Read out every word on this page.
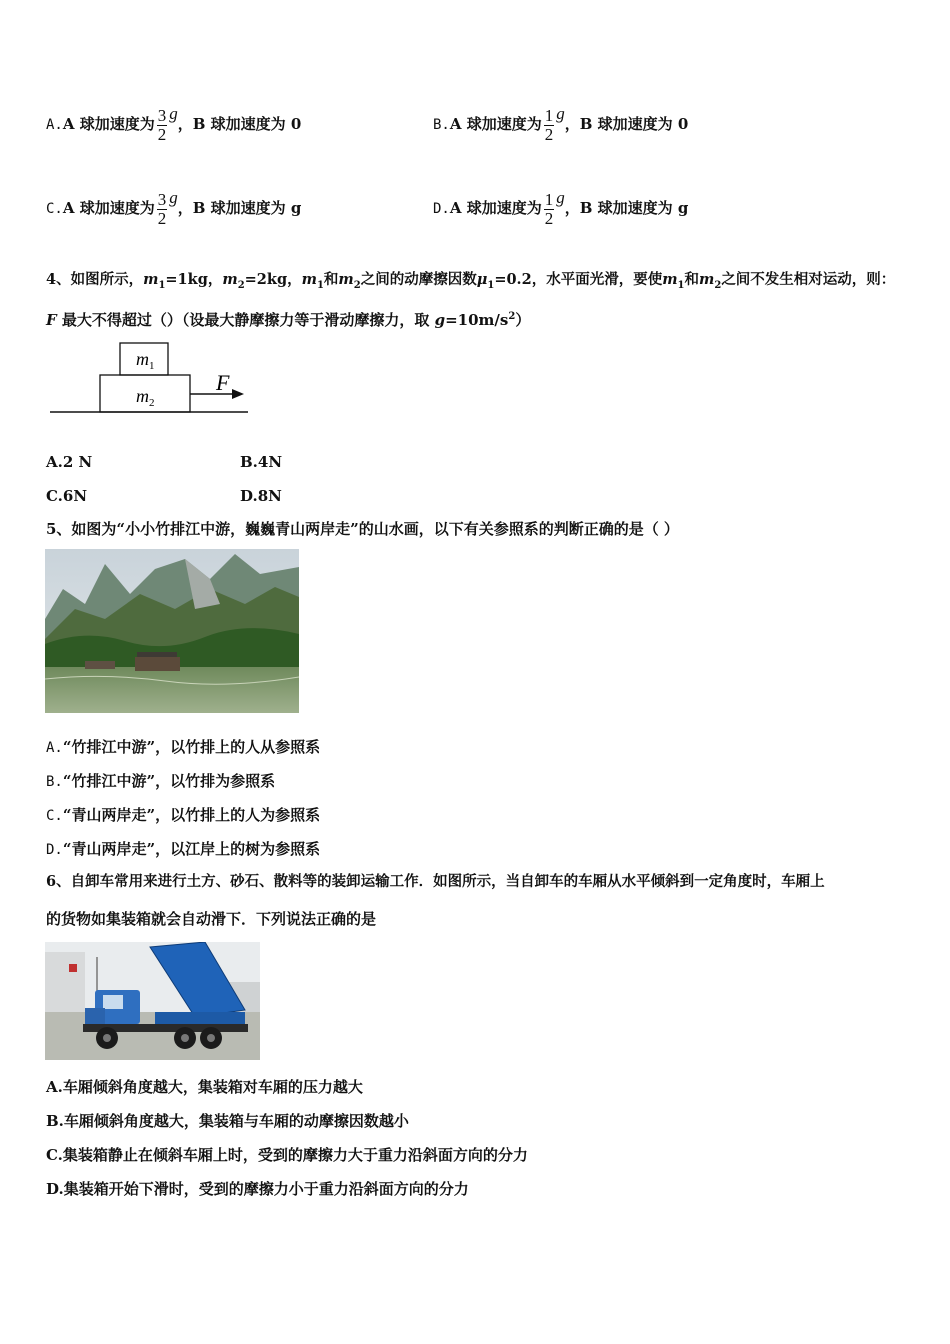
A.A 球加速度为 $\frac{3}{2}$ g，B 球加速度为 0	B.A 球加速度为 $\frac{1}{2}$ g，B 球加速度为 0
C.A 球加速度为 $\frac{3}{2}$ g，B 球加速度为 g	D.A 球加速度为 $\frac{1}{2}$ g，B 球加速度为 g
4、如图所示，$m_1=1kg$，$m_2=2kg$，$m_1$和$m_2$之间的动摩擦因数$\mu_1=0.2$，水平面光滑，要使$m_1$和$m_2$之间不发生相对运动，则：
F 最大不得超过（）（设最大静摩擦力等于滑动摩擦力，取 $g=10m/s^2$）
$m_1$
$m_2$
F
A.2 N	B.4N
C.6N	D.8N
5、如图为“小小竹排江中游，巍巍青山两岸走”的山水画，以下有关参照系的判断正确的是（ ）
A.“竹排江中游”，以竹排上的人从参照系
B.“竹排江中游”，以竹排为参照系
C.“青山两岸走”，以竹排上的人为参照系
D.“青山两岸走”，以江岸上的树为参照系
6、自卸车常用来进行土方、砂石、散料等的装卸运输工作．如图所示，当自卸车的车厢从水平倾斜到一定角度时，车厢上
的货物如集装箱就会自动滑下．下列说法正确的是
A.车厢倾斜角度越大，集装箱对车厢的压力越大
B.车厢倾斜角度越大，集装箱与车厢的动摩擦因数越小
C.集装箱静止在倾斜车厢上时，受到的摩擦力大于重力沿斜面方向的分力
D.集装箱开始下滑时，受到的摩擦力小于重力沿斜面方向的分力
